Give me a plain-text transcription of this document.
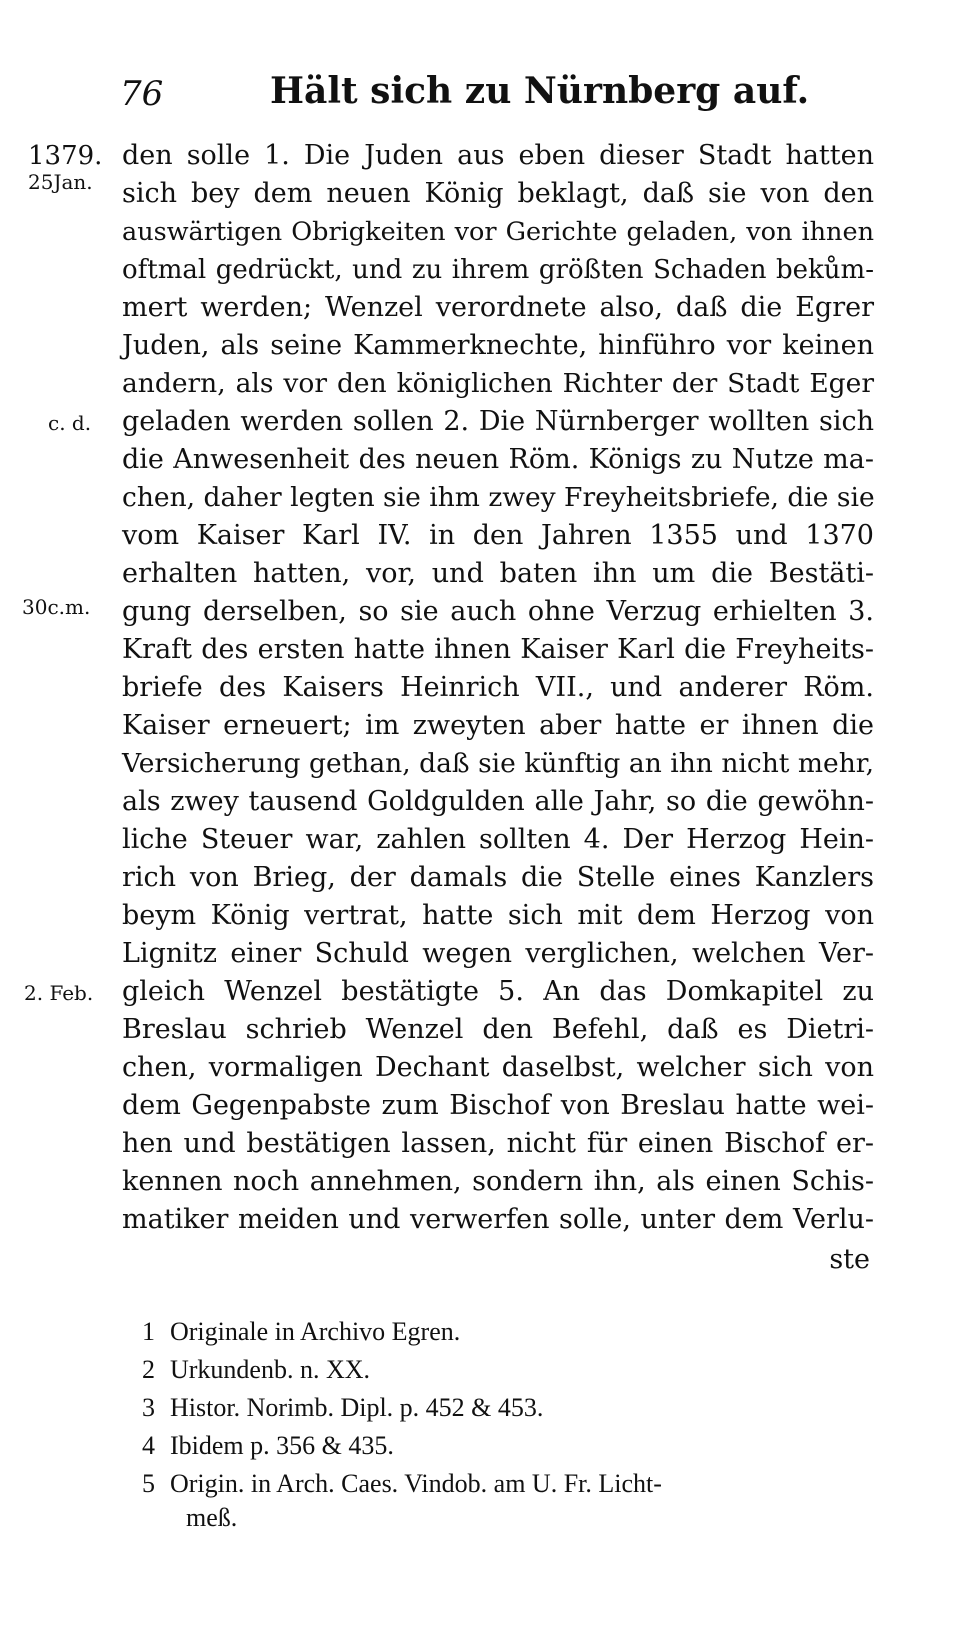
76	Hält sich zu Nürnberg auf.
1379.
25Jan.
c. d.
30c.m.
2. Feb.
den solle 1. Die Juden aus eben dieser Stadt hatten
sich bey dem neuen König beklagt, daß sie von den
auswärtigen Obrigkeiten vor Gerichte geladen, von ihnen
oftmal gedrückt, und zu ihrem größten Schaden bekům-
mert werden; Wenzel verordnete also, daß die Egrer
Juden, als seine Kammerknechte, hinführo vor keinen
andern, als vor den königlichen Richter der Stadt Eger
geladen werden sollen 2. Die Nürnberger wollten sich
die Anwesenheit des neuen Röm. Königs zu Nutze ma-
chen, daher legten sie ihm zwey Freyheitsbriefe, die sie
vom Kaiser Karl IV. in den Jahren 1355 und 1370
erhalten hatten, vor, und baten ihn um die Bestäti-
gung derselben, so sie auch ohne Verzug erhielten 3.
Kraft des ersten hatte ihnen Kaiser Karl die Freyheits-
briefe des Kaisers Heinrich VII., und anderer Röm.
Kaiser erneuert; im zweyten aber hatte er ihnen die
Versicherung gethan, daß sie künftig an ihn nicht mehr,
als zwey tausend Goldgulden alle Jahr, so die gewöhn-
liche Steuer war, zahlen sollten 4. Der Herzog Hein-
rich von Brieg, der damals die Stelle eines Kanzlers
beym König vertrat, hatte sich mit dem Herzog von
Lignitz einer Schuld wegen verglichen, welchen Ver-
gleich Wenzel bestätigte 5. An das Domkapitel zu
Breslau schrieb Wenzel den Befehl, daß es Dietri-
chen, vormaligen Dechant daselbst, welcher sich von
dem Gegenpabste zum Bischof von Breslau hatte wei-
hen und bestätigen lassen, nicht für einen Bischof er-
kennen noch annehmen, sondern ihn, als einen Schis-
matiker meiden und verwerfen solle, unter dem Verlu-
ste
1 Originale in Archivo Egren.
2 Urkundenb. n. XX.
3 Histor. Norimb. Dipl. p. 452 & 453.
4 Ibidem p. 356 & 435.
5 Origin. in Arch. Caes. Vindob. am U. Fr. Licht-
meß.
